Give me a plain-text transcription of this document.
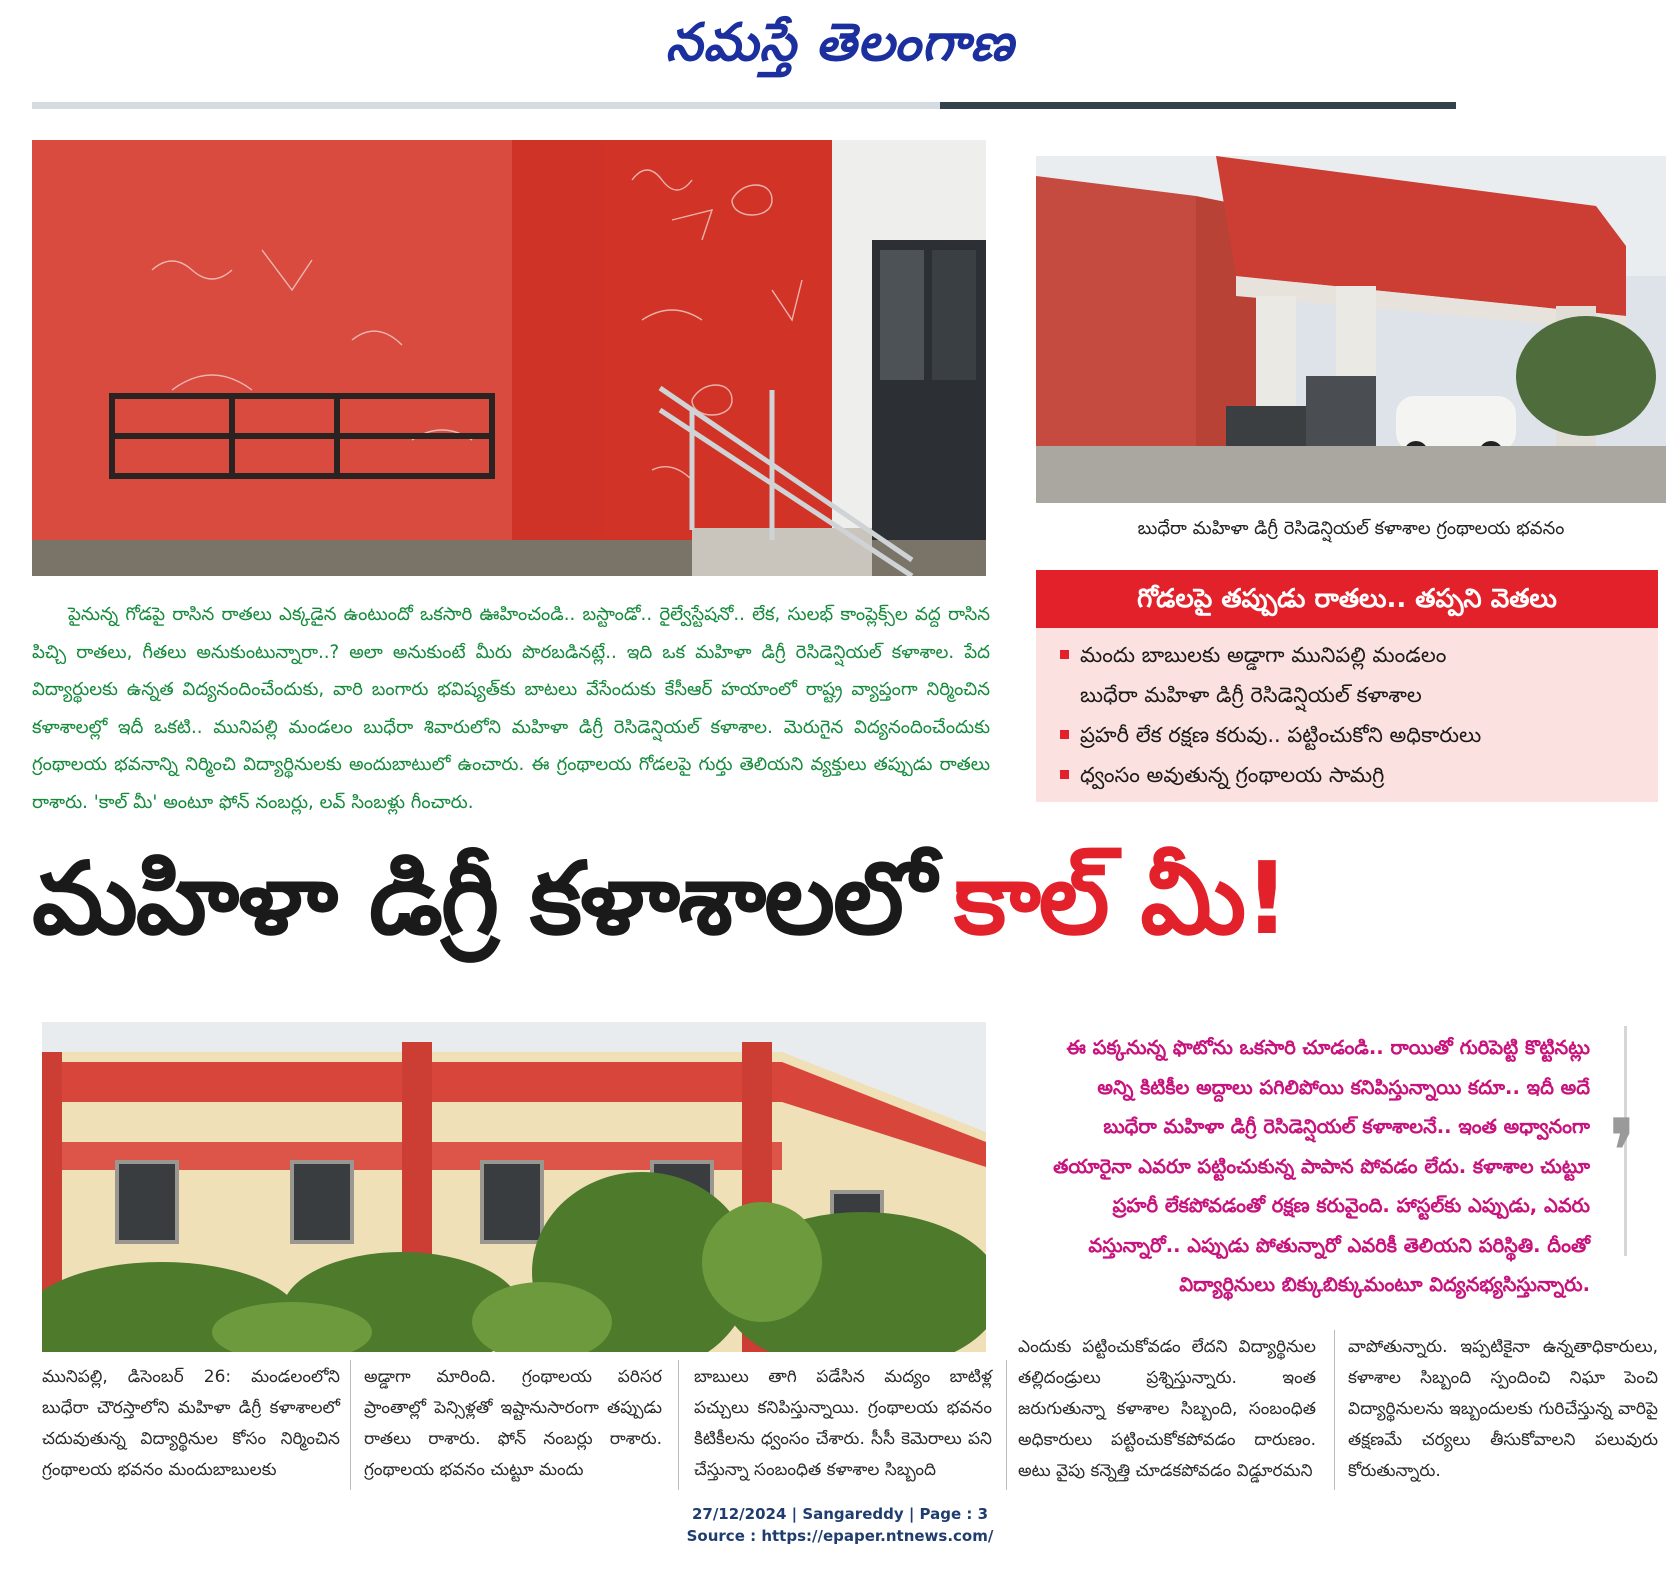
నమస్తే తెలంగాణ
బుధేరా మహిళా డిగ్రీ రెసిడెన్షియల్ కళాశాల గ్రంథాలయ భవనం
పైనున్న గోడపై రాసిన రాతలు ఎక్కడైన ఉంటుందో ఒకసారి ఊహించండి.. బస్టాండో.. రైల్వేస్టేషనో.. లేక, సులభ్ కాంప్లెక్స్‌ల వద్ద రాసిన పిచ్చి రాతలు, గీతలు అనుకుంటున్నారా..? అలా అనుకుంటే మీరు పొరబడినట్లే.. ఇది ఒక మహిళా డిగ్రీ రెసిడెన్షియల్ కళాశాల. పేద విద్యార్థులకు ఉన్నత విద్యనందించేందుకు, వారి బంగారు భవిష్యత్‌కు బాటలు వేసేందుకు కేసీఆర్ హయాంలో రాష్ట్ర వ్యాప్తంగా నిర్మించిన కళాశాలల్లో ఇదీ ఒకటి.. మునిపల్లి మండలం బుధేరా శివారులోని మహిళా డిగ్రీ రెసిడెన్షియల్ కళాశాల. మెరుగైన విద్యనందించేందుకు గ్రంథాలయ భవనాన్ని నిర్మించి విద్యార్థినులకు అందుబాటులో ఉంచారు. ఈ గ్రంథాలయ గోడలపై గుర్తు తెలియని వ్యక్తులు తప్పుడు రాతలు రాశారు. 'కాల్ మీ' అంటూ ఫోన్ నంబర్లు, లవ్ సింబళ్లు గీంచారు.
గోడలపై తప్పుడు రాతలు.. తప్పని వెతలు
మందు బాబులకు అడ్డాగా మునిపల్లి మండలం
బుధేరా మహిళా డిగ్రీ రెసిడెన్షియల్ కళాశాల
ప్రహరీ లేక రక్షణ కరువు.. పట్టించుకోని అధికారులు
ధ్వంసం అవుతున్న గ్రంథాలయ సామగ్రి
మహిళా డిగ్రీ కళాశాలలో కాల్ మీ!
❜
ఈ పక్కనున్న ఫొటోను ఒకసారి చూడండి.. రాయితో గురిపెట్టి కొట్టినట్లు అన్ని కిటికీల అద్దాలు పగిలిపోయి కనిపిస్తున్నాయి కదూ.. ఇదీ అదే బుధేరా మహిళా డిగ్రీ రెసిడెన్షియల్ కళాశాలనే.. ఇంత అధ్వానంగా తయారైనా ఎవరూ పట్టించుకున్న పాపాన పోవడం లేదు. కళాశాల చుట్టూ ప్రహరీ లేకపోవడంతో రక్షణ కరువైంది. హాస్టల్‌కు ఎప్పుడు, ఎవరు వస్తున్నారో.. ఎప్పుడు పోతున్నారో ఎవరికీ తెలియని పరిస్థితి. దీంతో విద్యార్థినులు బిక్కుబిక్కుమంటూ విద్యనభ్యసిస్తున్నారు.
మునిపల్లి, డిసెంబర్ 26: మండలంలోని బుధేరా చౌరస్తాలోని మహిళా డిగ్రీ కళాశాలలో చదువుతున్న విద్యార్థినుల కోసం నిర్మించిన గ్రంథాలయ భవనం మందుబాబులకు
అడ్డాగా మారింది. గ్రంథాలయ పరిసర ప్రాంతాల్లో పెన్సిళ్లతో ఇష్టానుసారంగా తప్పుడు రాతలు రాశారు. ఫోన్ నంబర్లు రాశారు. గ్రంథాలయ భవనం చుట్టూ మందు
బాబులు తాగి పడేసిన మద్యం బాటిళ్ల పచ్చులు కనిపిస్తున్నాయి. గ్రంథాలయ భవనం కిటికీలను ధ్వంసం చేశారు. సీసీ కెమెరాలు పని చేస్తున్నా సంబంధిత కళాశాల సిబ్బంది
ఎందుకు పట్టించుకోవడం లేదని విద్యార్థినుల తల్లిదండ్రులు ప్రశ్నిస్తున్నారు. ఇంత జరుగుతున్నా కళాశాల సిబ్బంది, సంబంధిత అధికారులు పట్టించుకోకపోవడం దారుణం. అటు వైపు కన్నెత్తి చూడకపోవడం విడ్డూరమని
వాపోతున్నారు. ఇప్పటికైనా ఉన్నతాధికారులు, కళాశాల సిబ్బంది స్పందించి నిఘా పెంచి విద్యార్థినులను ఇబ్బందులకు గురిచేస్తున్న వారిపై తక్షణమే చర్యలు తీసుకోవాలని పలువురు కోరుతున్నారు.
27/12/2024 | Sangareddy | Page : 3
Source : https://epaper.ntnews.com/
